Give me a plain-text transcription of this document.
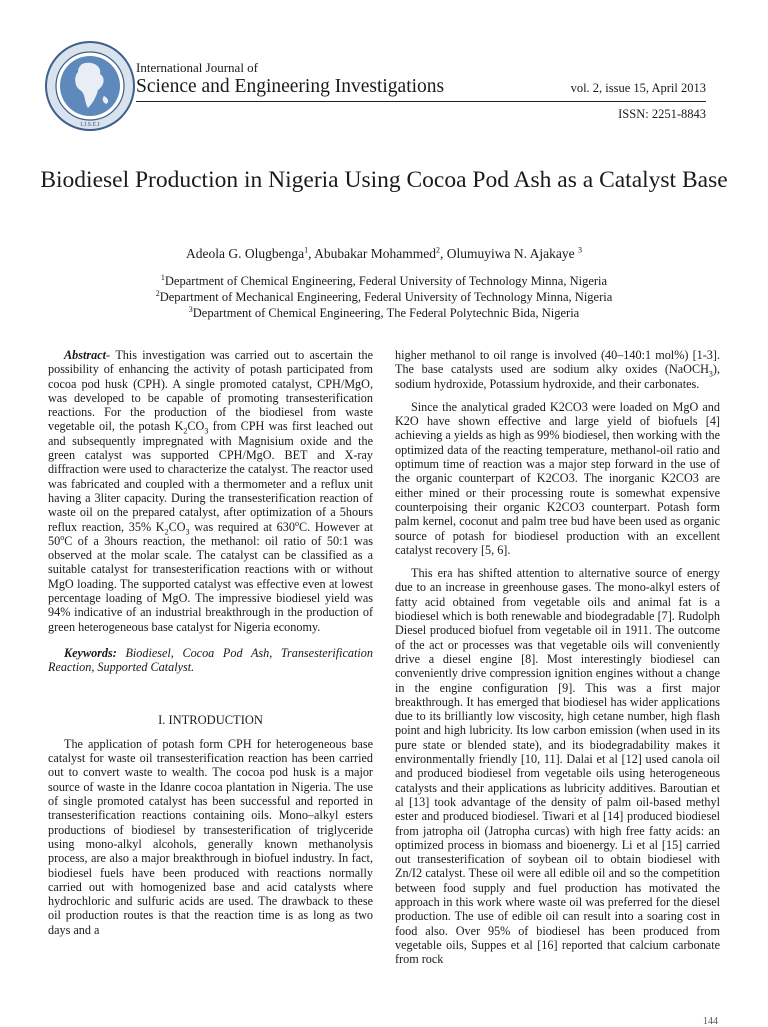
I.J.S.E.I
International Journal of
Science and Engineering Investigations	vol. 2, issue 15, April 2013
ISSN: 2251-8843
Biodiesel Production in Nigeria Using Cocoa Pod Ash as a Catalyst Base
Adeola G. Olugbenga$^1$, Abubakar Mohammed$^2$, Olumuyiwa N. Ajakaye $^3$
$^1$Department of Chemical Engineering, Federal University of Technology Minna, Nigeria
$^2$Department of Mechanical Engineering, Federal University of Technology Minna, Nigeria
$^3$Department of Chemical Engineering, The Federal Polytechnic Bida, Nigeria

Abstract- This investigation was carried out to ascertain the possibility of enhancing the activity of potash participated from cocoa pod husk (CPH). A single promoted catalyst, CPH/MgO, was developed to be capable of promoting transesterification reactions. For the production of the biodiesel from waste vegetable oil, the potash $K_2CO_3$ from CPH was first leached out and subsequently impregnated with Magnisium oxide and the green catalyst was supported CPH/MgO. BET and X-ray diffraction were used to characterize the catalyst. The reactor used was fabricated and coupled with a thermometer and a reflux unit having a 3liter capacity. During the transesterification reaction of waste oil on the prepared catalyst, after optimization of a 5hours reflux reaction, 35% $K_2CO_3$ was required at 630$^o$C. However at 50$^o$C of a 3hours reaction, the methanol: oil ratio of 50:1 was observed at the molar scale. The catalyst can be classified as a suitable catalyst for transesterification reactions with or without MgO loading. The supported catalyst was effective even at lowest percentage loading of MgO. The impressive biodiesel yield was 94% indicative of an industrial breakthrough in the production of green heterogeneous base catalyst for Nigeria economy.

Keywords: Biodiesel, Cocoa Pod Ash, Transesterification Reaction, Supported Catalyst.

I. INTRODUCTION

The application of potash form CPH for heterogeneous base catalyst for waste oil transesterification reaction has been carried out to convert waste to wealth. The cocoa pod husk is a major source of waste in the Idanre cocoa plantation in Nigeria. The use of single promoted catalyst has been successful and reported in transesterification reactions containing oils. Mono–alkyl esters productions of biodiesel by transesterification of triglyceride using mono-alkyl alcohols, generally known methanolysis process, are also a major breakthrough in biofuel industry. In fact, biodiesel fuels have been produced with reactions normally carried out with homogenized base and acid catalysts where hydrochloric and sulfuric acids are used. The drawback to these oil production routes is that the reaction time is as long as two days and a

higher methanol to oil range is involved (40–140:1 mol%) [1-3]. The base catalysts used are sodium alky oxides (NaOCH$_3$), sodium hydroxide, Potassium hydroxide, and their carbonates.

Since the analytical graded K2CO3 were loaded on MgO and K2O have shown effective and large yield of biofuels [4] achieving a yields as high as 99% biodiesel, then working with the optimized data of the reacting temperature, methanol-oil ratio and optimum time of reaction was a major step forward in the use of the organic counterpart of K2CO3. The inorganic K2CO3 are either mined or their processing route is somewhat expensive counterpoising their organic K2CO3 counterpart. Potash form palm kernel, coconut and palm tree bud have been used as organic source of potash for biodiesel production with an excellent catalyst recovery [5, 6].

This era has shifted attention to alternative source of energy due to an increase in greenhouse gases. The mono-alkyl esters of fatty acid obtained from vegetable oils and animal fat is a biodiesel which is both renewable and biodegradable [7]. Rudolph Diesel produced biofuel from vegetable oil in 1911. The outcome of the act or processes was that vegetable oils will conveniently drive a diesel engine [8]. Most interestingly biodiesel can conveniently drive compression ignition engines without a change in the engine configuration [9]. This was a first major breakthrough. It has emerged that biodiesel has wider applications due to its brilliantly low viscosity, high cetane number, high flash point and high lubricity. Its low carbon emission (when used in its pure state or blended state), and its biodegradability makes it environmentally friendly [10, 11]. Dalai et al [12] used canola oil and produced biodiesel from vegetable oils using heterogeneous catalysts and their applications as lubricity additives. Baroutian et al [13] took advantage of the density of palm oil-based methyl ester and produced biodiesel. Tiwari et al [14] produced biodiesel from jatropha oil (Jatropha curcas) with high free fatty acids: an optimized process in biomass and bioenergy. Li et al [15] carried out transesterification of soybean oil to obtain biodiesel with Zn/I2 catalyst. These oil were all edible oil and so the competition between food supply and fuel production has motivated the approach in this work where waste oil was preferred for the diesel production. The use of edible oil can result into a soaring cost in food also. Over 95% of biodiesel has been produced from vegetable oils, Suppes et al [16] reported that calcium carbonate from rock

144
